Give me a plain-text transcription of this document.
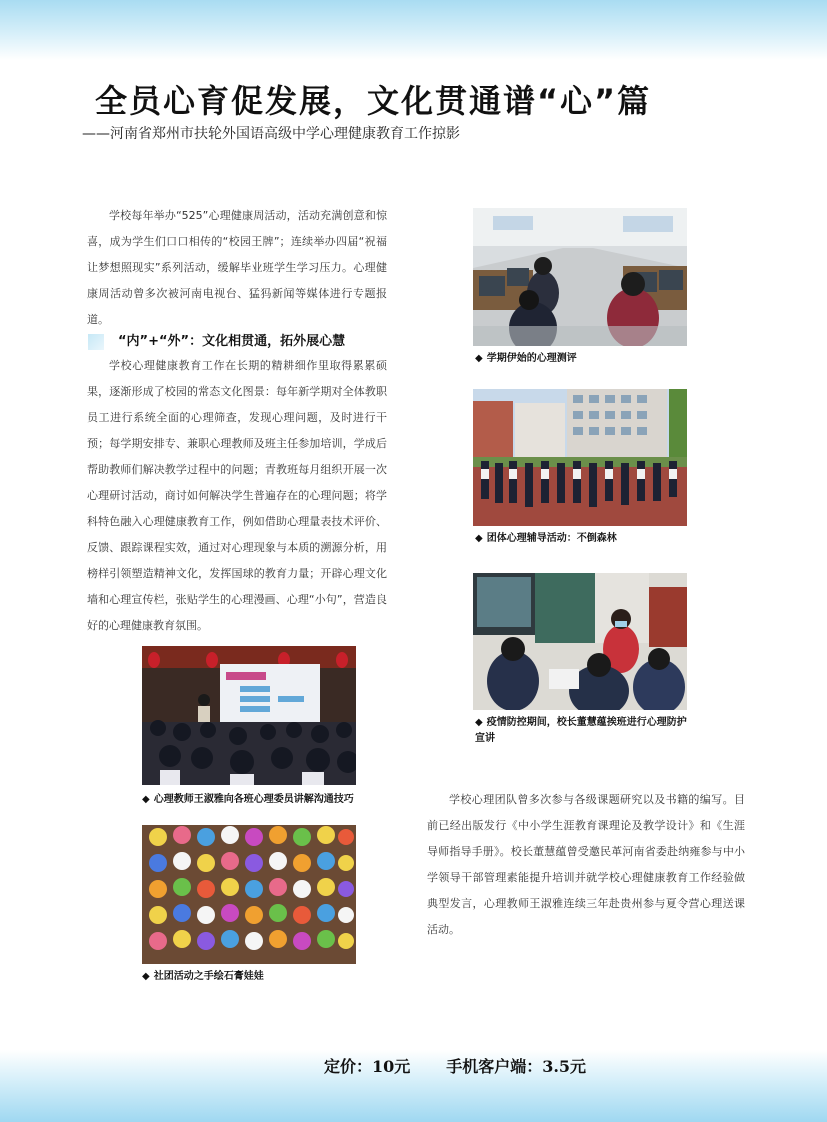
全员心育促发展，文化贯通谱“心”篇

——河南省郑州市扶轮外国语高级中学心理健康教育工作掠影

学校每年举办“525”心理健康周活动，活动充满创意和惊喜，成为学生们口口相传的“校园王牌”；连续举办四届“祝福让梦想照现实”系列活动，缓解毕业班学生学习压力。心理健康周活动曾多次被河南电视台、猛犸新闻等媒体进行专题报道。

“内”+“外”：文化相贯通，拓外展心慧

学校心理健康教育工作在长期的精耕细作里取得累累硕果，逐渐形成了校园的常态文化图景：每年新学期对全体教职员工进行系统全面的心理筛查，发现心理问题，及时进行干预；每学期安排专、兼职心理教师及班主任参加培训，学成后帮助教师们解决教学过程中的问题；青教班每月组织开展一次心理研讨活动，商讨如何解决学生普遍存在的心理问题；将学科特色融入心理健康教育工作，例如借助心理量表技术评价、反馈、跟踪课程实效，通过对心理现象与本质的溯源分析，用榜样引领塑造精神文化，发挥国球的教育力量；开辟心理文化墙和心理宣传栏，张贴学生的心理漫画、心理“小句”，营造良好的心理健康教育氛围。

◆ 学期伊始的心理测评

◆ 团体心理辅导活动：不倒森林

◆ 疫情防控期间，校长董慧蕴挨班进行心理防护宣讲

◆ 心理教师王淑雅向各班心理委员讲解沟通技巧

◆ 社团活动之手绘石膏娃娃

学校心理团队曾多次参与各级课题研究以及书籍的编写。目前已经出版发行《中小学生涯教育课理论及教学设计》和《生涯导师指导手册》。校长董慧蕴曾受邀民革河南省委赴纳雍参与中小学领导干部管理素能提升培训并就学校心理健康教育工作经验做典型发言，心理教师王淑雅连续三年赴贵州参与夏令营心理送课活动。

定价：10元 手机客户端：3.5元
